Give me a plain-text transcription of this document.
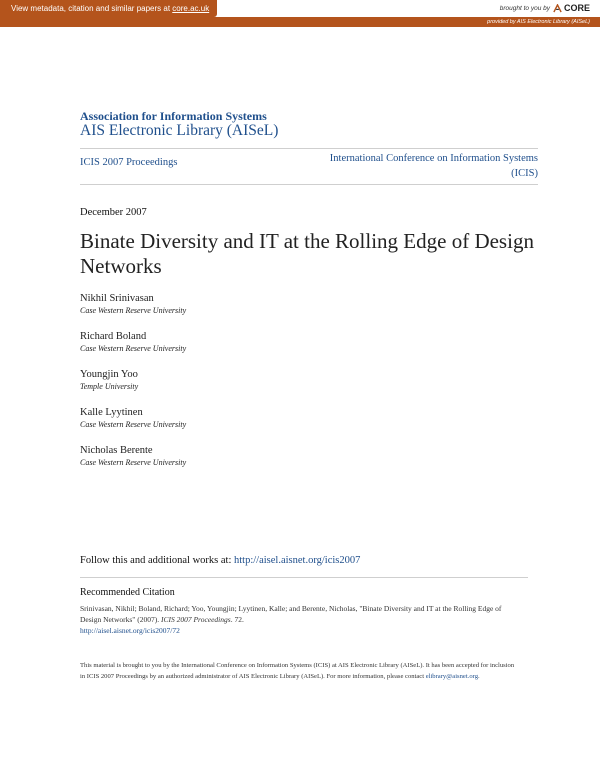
View metadata, citation and similar papers at core.ac.uk	brought to you by CORE
provided by AIS Electronic Library (AISeL)
Association for Information Systems
AIS Electronic Library (AISeL)
ICIS 2007 Proceedings	International Conference on Information Systems
(ICIS)
December 2007
Binate Diversity and IT at the Rolling Edge of Design Networks
Nikhil Srinivasan
Case Western Reserve University
Richard Boland
Case Western Reserve University
Youngjin Yoo
Temple University
Kalle Lyytinen
Case Western Reserve University
Nicholas Berente
Case Western Reserve University
Follow this and additional works at: http://aisel.aisnet.org/icis2007
Recommended Citation
Srinivasan, Nikhil; Boland, Richard; Yoo, Youngjin; Lyytinen, Kalle; and Berente, Nicholas, "Binate Diversity and IT at the Rolling Edge of Design Networks" (2007). ICIS 2007 Proceedings. 72.
http://aisel.aisnet.org/icis2007/72
This material is brought to you by the International Conference on Information Systems (ICIS) at AIS Electronic Library (AISeL). It has been accepted for inclusion in ICIS 2007 Proceedings by an authorized administrator of AIS Electronic Library (AISeL). For more information, please contact elibrary@aisnet.org.
